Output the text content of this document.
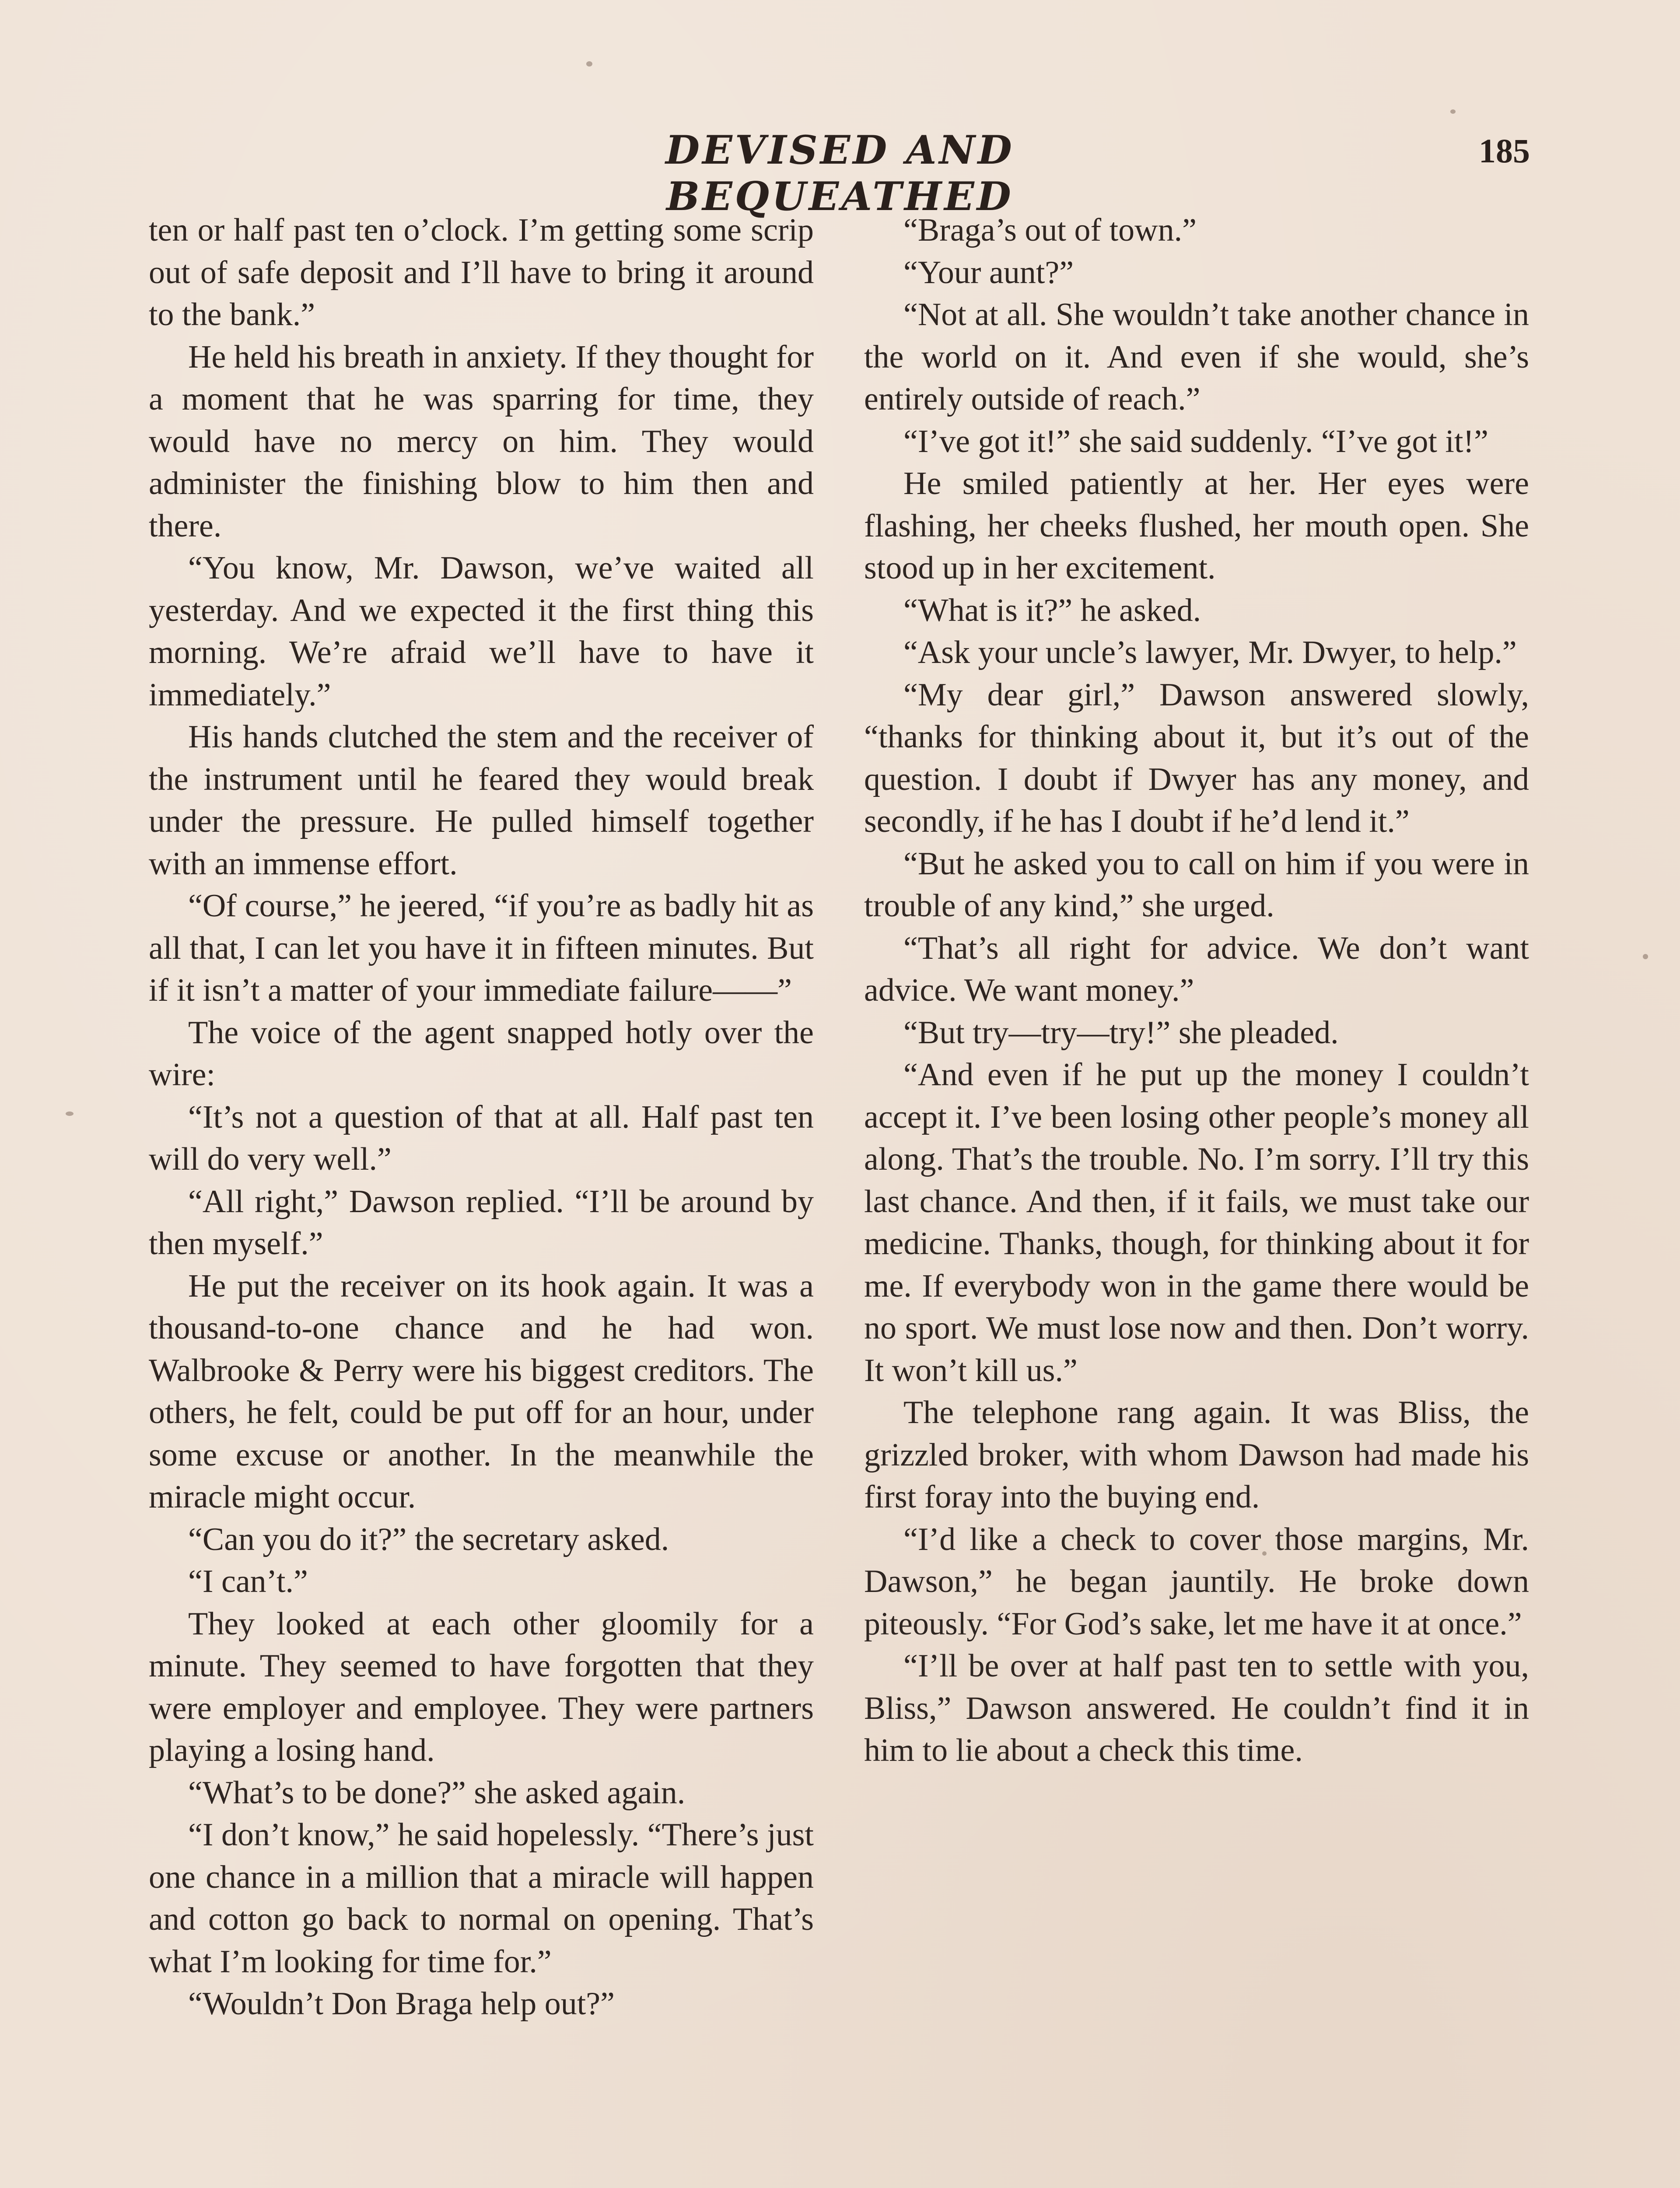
DEVISED AND BEQUEATHED
185

ten or half past ten o’clock. I’m getting some scrip out of safe deposit and I’ll have to bring it around to the bank.”

He held his breath in anxiety. If they thought for a moment that he was sparring for time, they would have no mercy on him. They would administer the finishing blow to him then and there.

“You know, Mr. Dawson, we’ve waited all yesterday. And we expected it the first thing this morning. We’re afraid we’ll have to have it immediately.”

His hands clutched the stem and the receiver of the instrument until he feared they would break under the pressure. He pulled himself together with an immense effort.

“Of course,” he jeered, “if you’re as badly hit as all that, I can let you have it in fifteen minutes. But if it isn’t a matter of your immediate failure——”

The voice of the agent snapped hotly over the wire:

“It’s not a question of that at all. Half past ten will do very well.”

“All right,” Dawson replied. “I’ll be around by then myself.”

He put the receiver on its hook again. It was a thousand-to-one chance and he had won. Walbrooke & Perry were his biggest creditors. The others, he felt, could be put off for an hour, under some excuse or another. In the meanwhile the miracle might occur.

“Can you do it?” the secretary asked.

“I can’t.”

They looked at each other gloomily for a minute. They seemed to have forgotten that they were employer and employee. They were partners playing a losing hand.

“What’s to be done?” she asked again.

“I don’t know,” he said hopelessly. “There’s just one chance in a million that a miracle will happen and cotton go back to normal on opening. That’s what I’m looking for time for.”

“Wouldn’t Don Braga help out?”

“Braga’s out of town.”

“Your aunt?”

“Not at all. She wouldn’t take another chance in the world on it. And even if she would, she’s entirely outside of reach.”

“I’ve got it!” she said suddenly. “I’ve got it!”

He smiled patiently at her. Her eyes were flashing, her cheeks flushed, her mouth open. She stood up in her excitement.

“What is it?” he asked.

“Ask your uncle’s lawyer, Mr. Dwyer, to help.”

“My dear girl,” Dawson answered slowly, “thanks for thinking about it, but it’s out of the question. I doubt if Dwyer has any money, and secondly, if he has I doubt if he’d lend it.”

“But he asked you to call on him if you were in trouble of any kind,” she urged.

“That’s all right for advice. We don’t want advice. We want money.”

“But try—try—try!” she pleaded.

“And even if he put up the money I couldn’t accept it. I’ve been losing other people’s money all along. That’s the trouble. No. I’m sorry. I’ll try this last chance. And then, if it fails, we must take our medicine. Thanks, though, for thinking about it for me. If everybody won in the game there would be no sport. We must lose now and then. Don’t worry. It won’t kill us.”

The telephone rang again. It was Bliss, the grizzled broker, with whom Dawson had made his first foray into the buying end.

“I’d like a check to cover those margins, Mr. Dawson,” he began jauntily. He broke down piteously. “For God’s sake, let me have it at once.”

“I’ll be over at half past ten to settle with you, Bliss,” Dawson answered. He couldn’t find it in him to lie about a check this time.
